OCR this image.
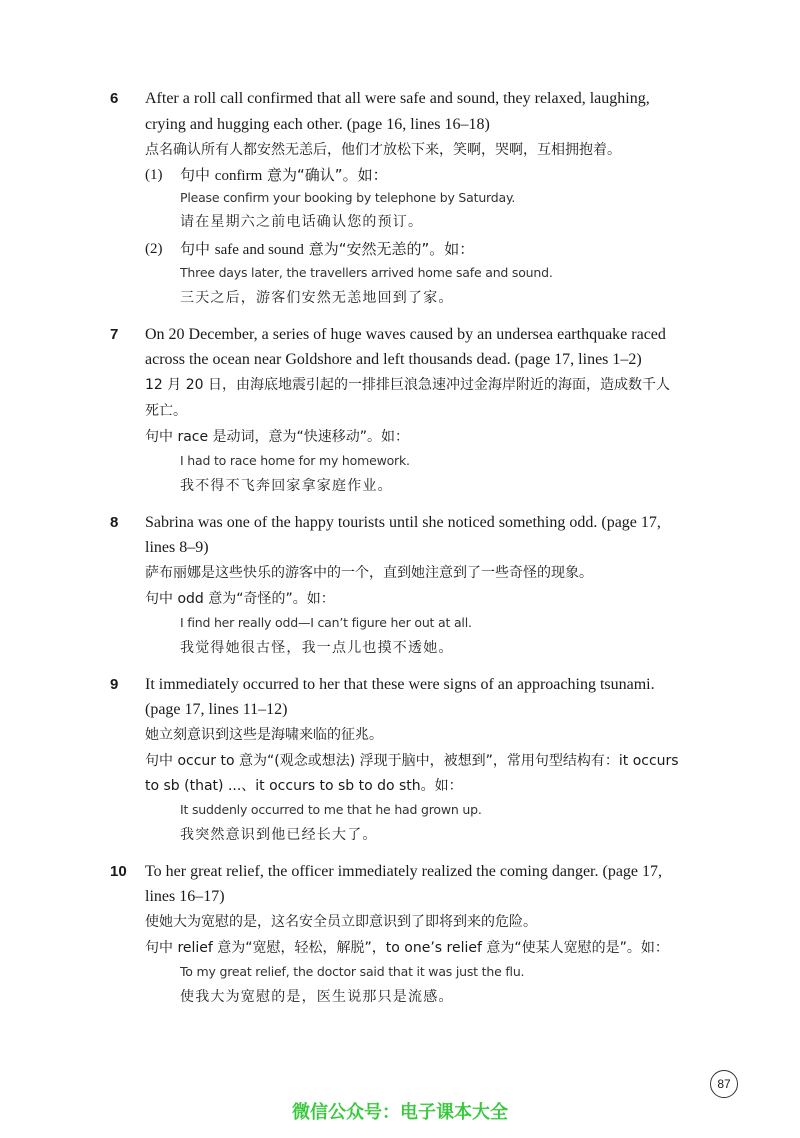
6 After a roll call confirmed that all were safe and sound, they relaxed, laughing,
crying and hugging each other. (page 16, lines 16–18)
点名确认所有人都安然无恙后，他们才放松下来，笑啊，哭啊，互相拥抱着。
(1) 句中 confirm 意为“确认”。如：
Please confirm your booking by telephone by Saturday.
请在星期六之前电话确认您的预订。
(2) 句中 safe and sound 意为“安然无恙的”。如：
Three days later, the travellers arrived home safe and sound.
三天之后，游客们安然无恙地回到了家。
7 On 20 December, a series of huge waves caused by an undersea earthquake raced
across the ocean near Goldshore and left thousands dead. (page 17, lines 1–2)
12 月 20 日，由海底地震引起的一排排巨浪急速冲过金海岸附近的海面，造成数千人
死亡。
句中 race 是动词，意为“快速移动”。如：
I had to race home for my homework.
我不得不飞奔回家拿家庭作业。
8 Sabrina was one of the happy tourists until she noticed something odd. (page 17,
lines 8–9)
萨布丽娜是这些快乐的游客中的一个，直到她注意到了一些奇怪的现象。
句中 odd 意为“奇怪的”。如：
I find her really odd—I can’t figure her out at all.
我觉得她很古怪，我一点儿也摸不透她。
9 It immediately occurred to her that these were signs of an approaching tsunami.
(page 17, lines 11–12)
她立刻意识到这些是海啸来临的征兆。
句中 occur to 意为“(观念或想法) 浮现于脑中，被想到”，常用句型结构有：it occurs
to sb (that) ...、it occurs to sb to do sth。如：
It suddenly occurred to me that he had grown up.
我突然意识到他已经长大了。
10 To her great relief, the officer immediately realized the coming danger. (page 17,
lines 16–17)
使她大为宽慰的是，这名安全员立即意识到了即将到来的危险。
句中 relief 意为“宽慰，轻松，解脱”，to one’s relief 意为“使某人宽慰的是”。如：
To my great relief, the doctor said that it was just the flu.
使我大为宽慰的是，医生说那只是流感。
87
微信公众号：电子课本大全
